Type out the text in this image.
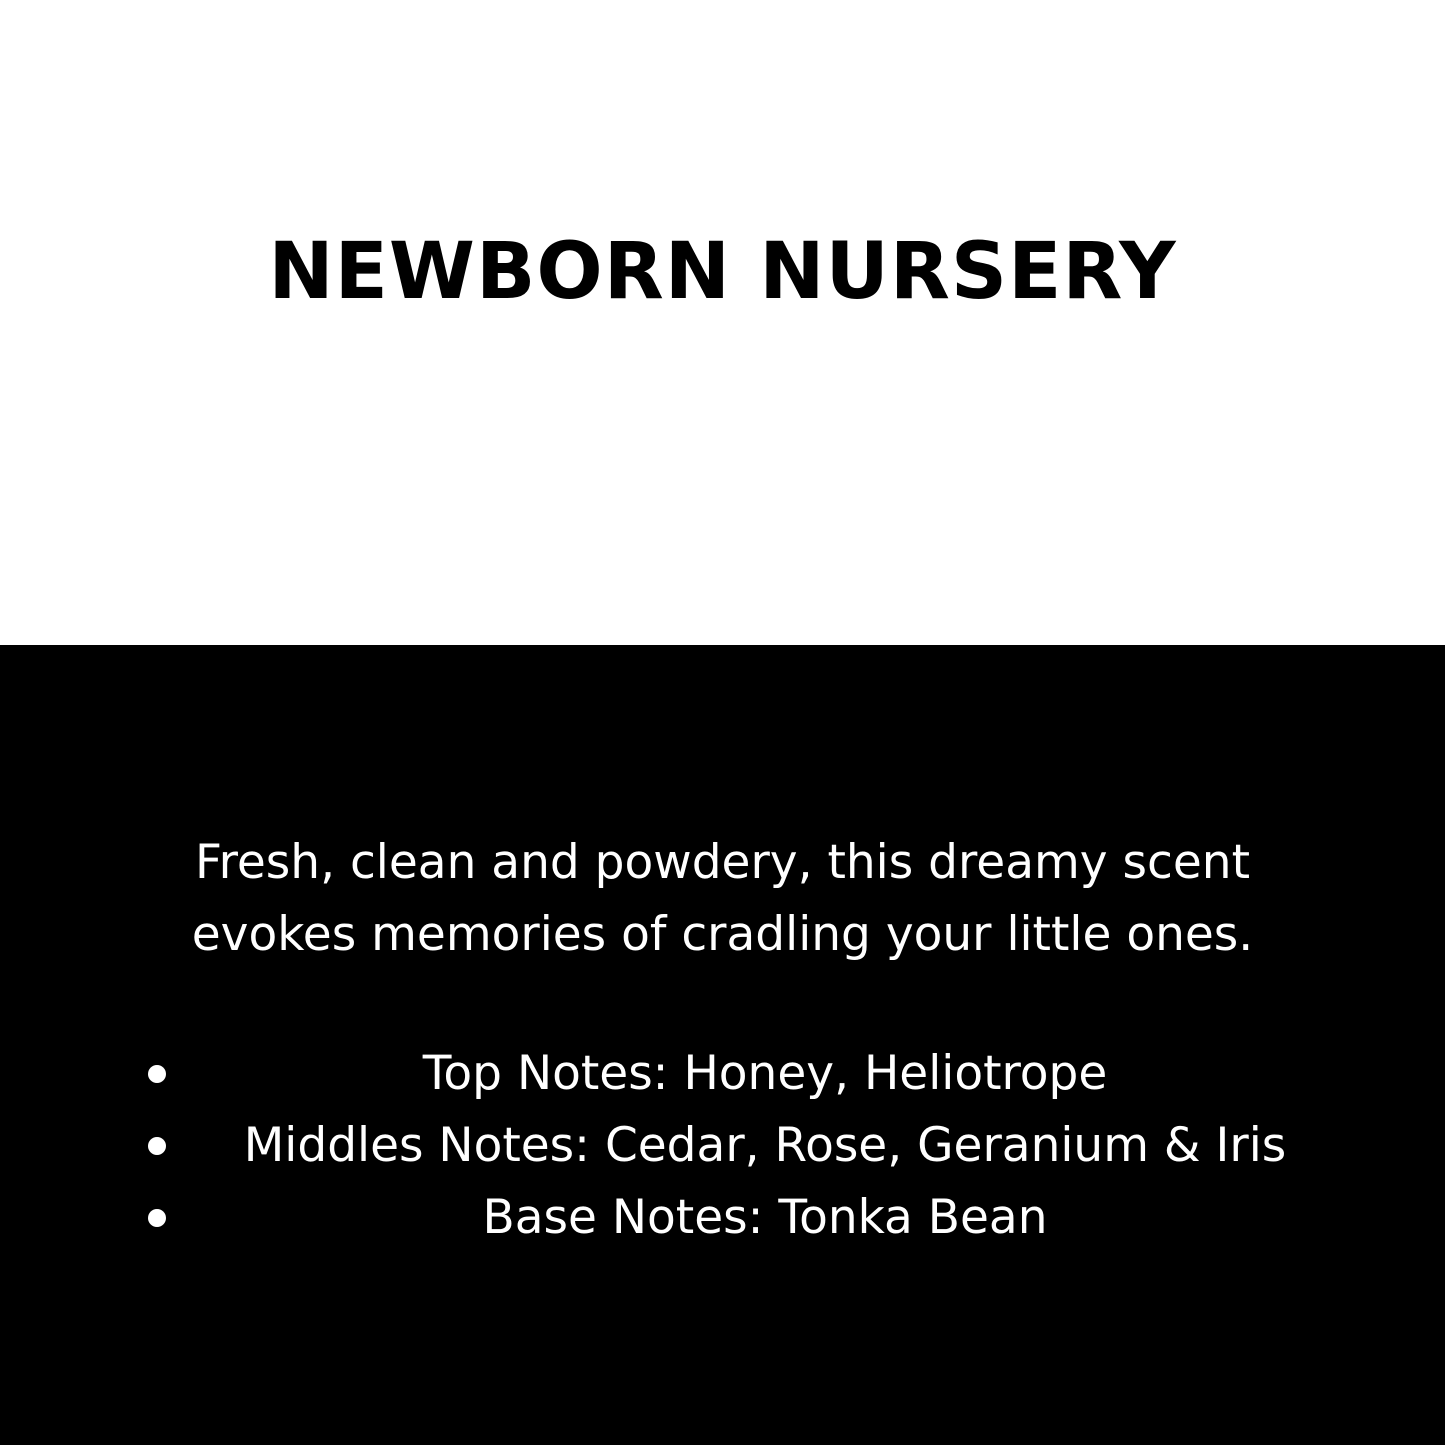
NEWBORN NURSERY
Fresh, clean and powdery, this dreamy scent
evokes memories of cradling your little ones.
Top Notes: Honey, Heliotrope
Middles Notes: Cedar, Rose, Geranium & Iris
Base Notes: Tonka Bean
